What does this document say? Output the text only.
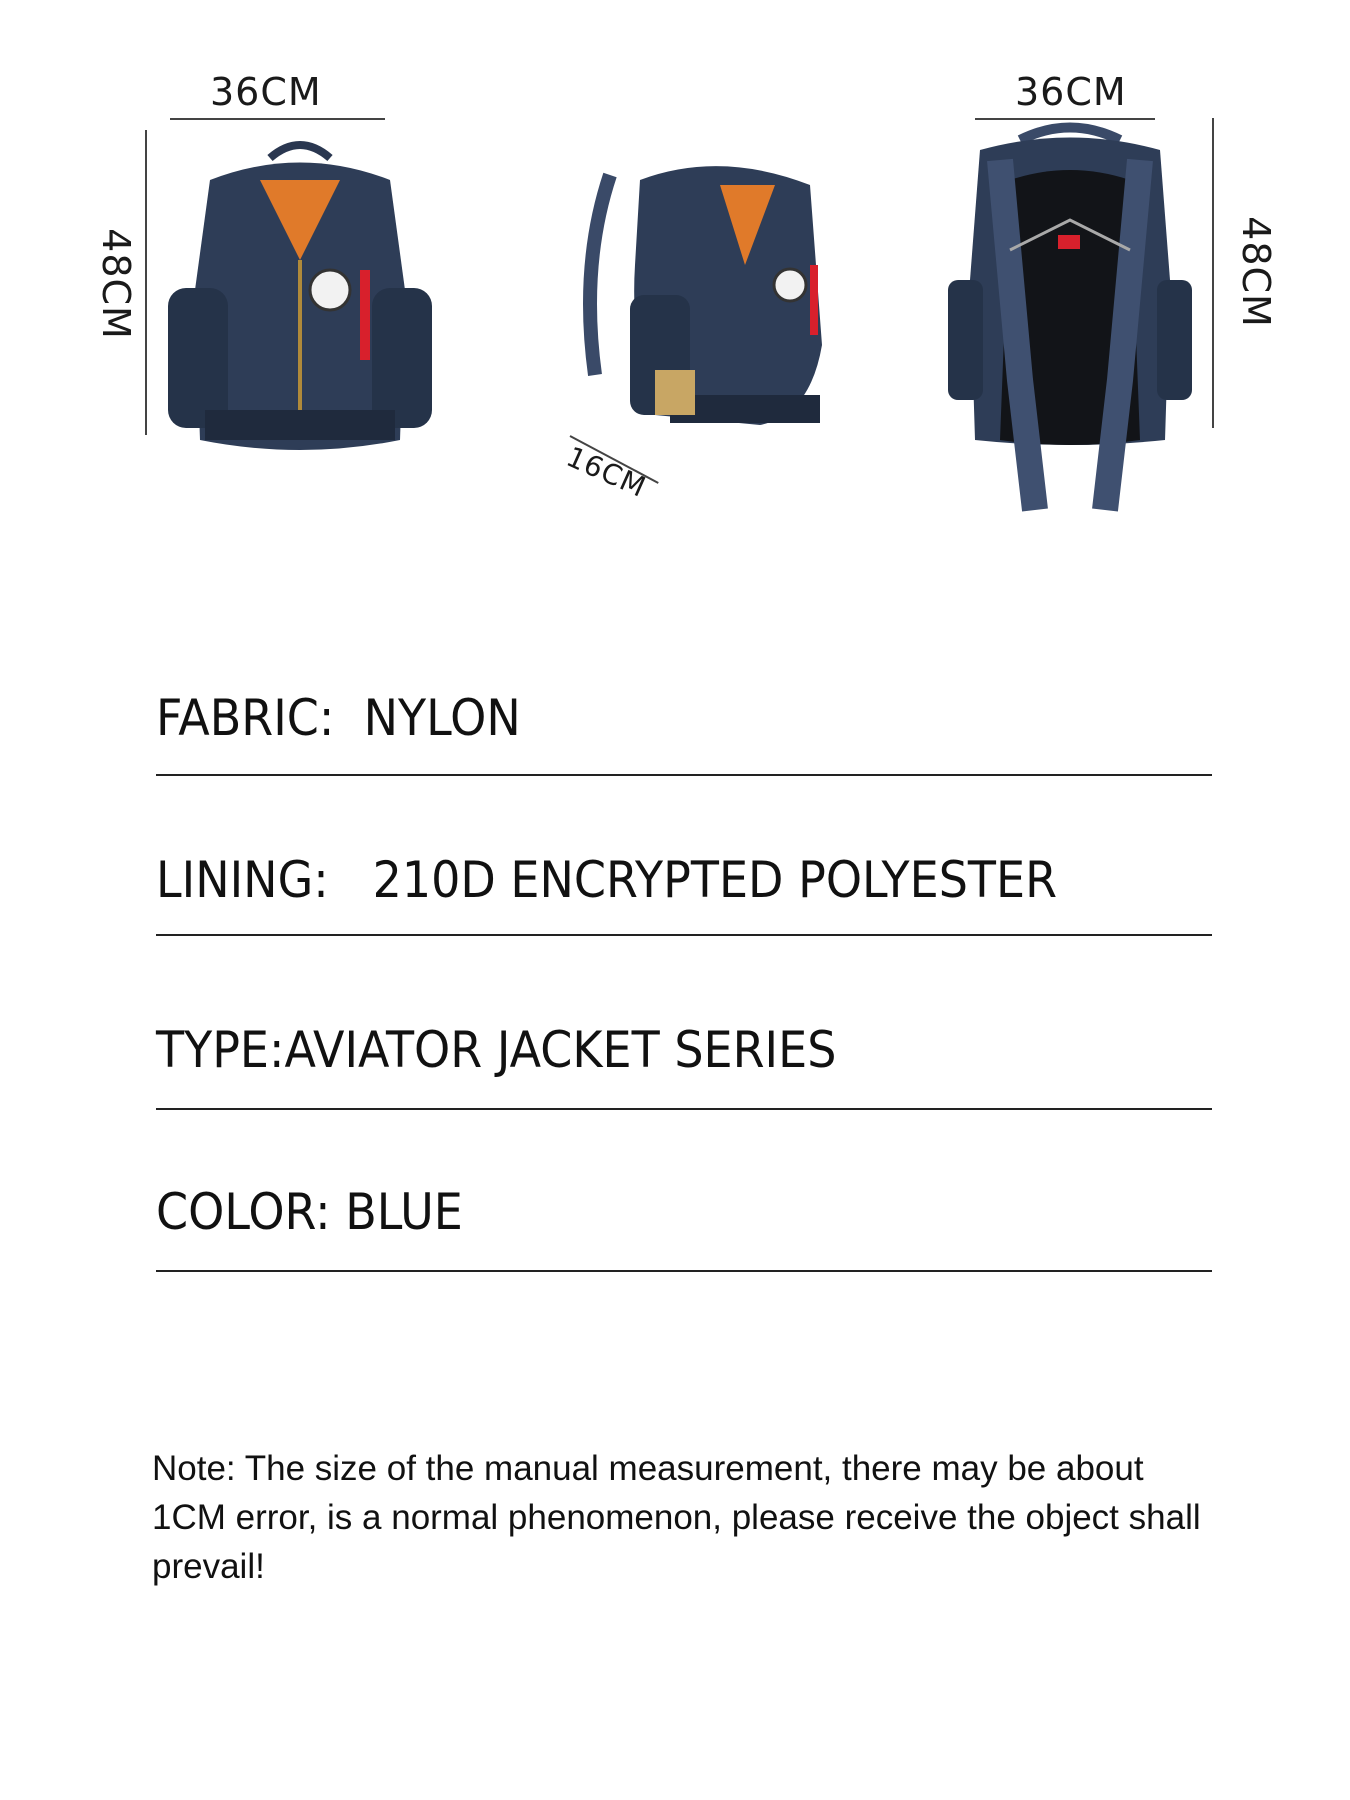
36CM
48CM
16CM
36CM
48CM
FABRIC:  NYLON
LINING:   210D ENCRYPTED POLYESTER
TYPE:AVIATOR JACKET SERIES
COLOR: BLUE
Note: The size of the manual measurement, there may be about 1CM error, is a normal phenomenon, please receive the object shall prevail!
